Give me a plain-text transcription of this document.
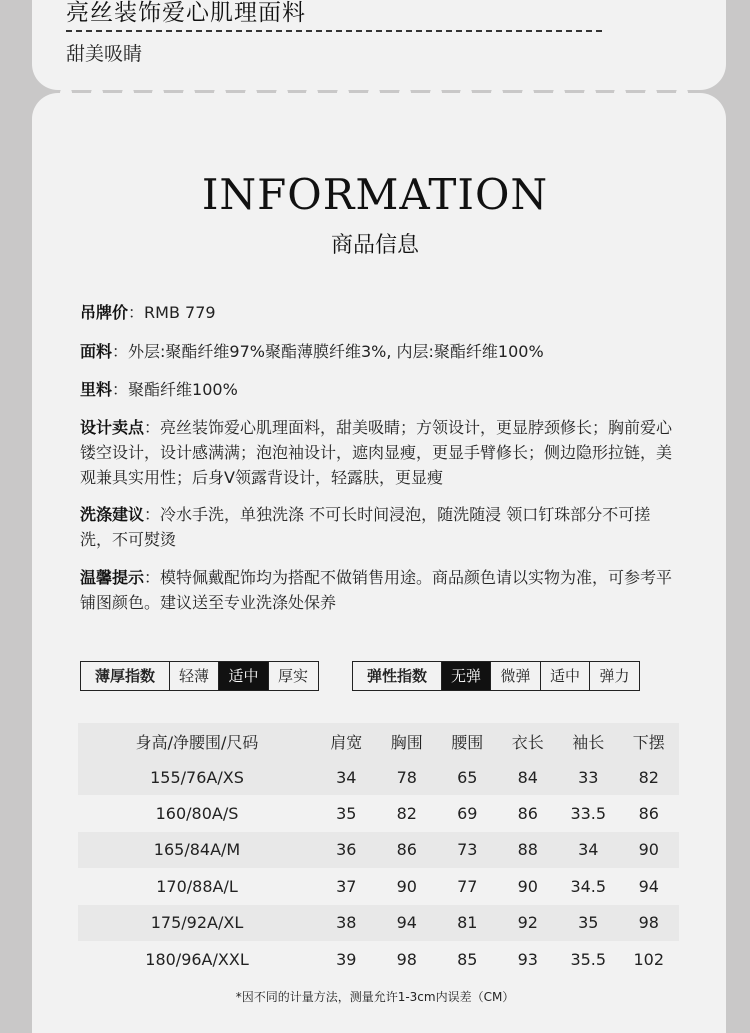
亮丝装饰爱心肌理面料
甜美吸睛
INFORMATION
商品信息
吊牌价：RMB 779
面料：外层:聚酯纤维97%聚酯薄膜纤维3%, 内层:聚酯纤维100%
里料：聚酯纤维100%
设计卖点：亮丝装饰爱心肌理面料，甜美吸睛；方领设计，更显脖颈修长；胸前爱心镂空设计，设计感满满；泡泡袖设计，遮肉显瘦，更显手臂修长；侧边隐形拉链，美观兼具实用性；后身V领露背设计，轻露肤，更显瘦
洗涤建议：冷水手洗，单独洗涤 不可长时间浸泡，随洗随浸 领口钉珠部分不可搓洗，不可熨烫
温馨提示：模特佩戴配饰均为搭配不做销售用途。商品颜色请以实物为准，可参考平铺图颜色。建议送至专业洗涤处保养
薄厚指数	轻薄	适中	厚实	弹性指数	无弹	微弹	适中	弹力
身高/净腰围/尺码	肩宽	胸围	腰围	衣长	袖长	下摆
155/76A/XS	34	78	65	84	33	82
160/80A/S	35	82	69	86	33.5	86
165/84A/M	36	86	73	88	34	90
170/88A/L	37	90	77	90	34.5	94
175/92A/XL	38	94	81	92	35	98
180/96A/XXL	39	98	85	93	35.5	102
*因不同的计量方法，测量允许1-3cm内误差（CM）
